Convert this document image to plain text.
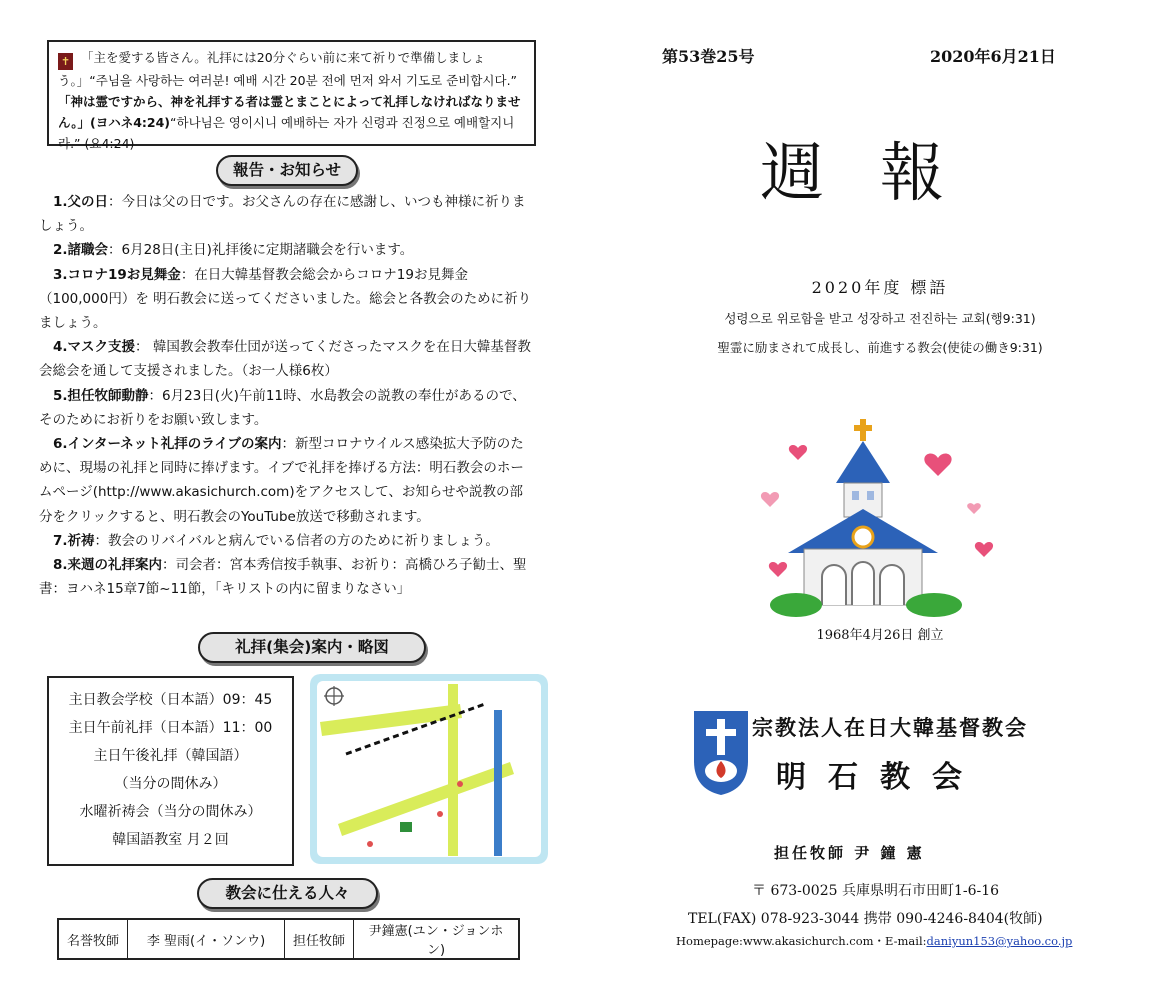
✝ 「主を愛する皆さん。礼拝には20分ぐらい前に来て祈りで準備しましょう。」“주님을 사랑하는 여러분! 예배 시간 20분 전에 먼저 와서 기도로 준비합시다.”
「神は霊ですから、神を礼拝する者は霊とまことによって礼拝しなければなりません。」(ヨハネ4:24)“하나님은 영이시니 예배하는 자가 신령과 진정으로 예배할지니라.” (요4:24)
報告・お知らせ

1.父の日：今日は父の日です。お父さんの存在に感謝し、いつも神様に祈りましょう。

2.諸職会：6月28日(主日)礼拝後に定期諸職会を行います。

3.コロナ19お見舞金：在日大韓基督教会総会からコロナ19お見舞金（100,000円）を 明石教会に送ってくださいました。総会と各教会のために祈りましょう。

4.マスク支援： 韓国教会教奉仕団が送ってくださったマスクを在日大韓基督教会総会を通して支援されました。（お一人様6枚）

5.担任牧師動静：6月23日(火)午前11時、水島教会の説教の奉仕があるので、そのためにお祈りをお願い致します。

6.インターネット礼拝のライブの案内：新型コロナウイルス感染拡大予防のために、現場の礼拝と同時に捧げます。イブで礼拝を捧げる方法：明石教会のホームページ(http://www.akasichurch.com)をアクセスして、お知らせや説教の部分をクリックすると、明石教会のYouTube放送で移動されます。

7.祈祷：教会のリバイバルと病んでいる信者の方のために祈りましょう。

8.来週の礼拝案内：司会者：宮本秀信按手執事、お祈り：高橋ひろ子勧士、聖書：ヨハネ15章7節~11節，「キリストの内に留まりなさい」

礼拝(集会)案内・略図
主日教会学校（日本語）09：45
主日午前礼拝（日本語）11：00
主日午後礼拝（韓国語）
（当分の間休み）
水曜祈祷会（当分の間休み）
韓国語教室 月２回
教会に仕える人々
名誉牧師	李 聖雨(イ・ソンウ)	担任牧師	尹鐘憲(ユン・ジョンホン)
第53巻25号	2020年6月21日
週報
2020年度 標語
성령으로 위로함을 받고 성장하고 전진하는 교회(행9:31)
聖霊に励まされて成長し、前進する教会(使徒の働き9:31)
1968年4月26日 創立
宗教法人在日大韓基督教会
明石教会
担任牧師 尹 鐘 憲
〒 673-0025 兵庫県明石市田町1-6-16
TEL(FAX) 078-923-3044 携帯 090-4246-8404(牧師)
Homepage:www.akasichurch.com・E-mail:daniyun153@yahoo.co.jp
